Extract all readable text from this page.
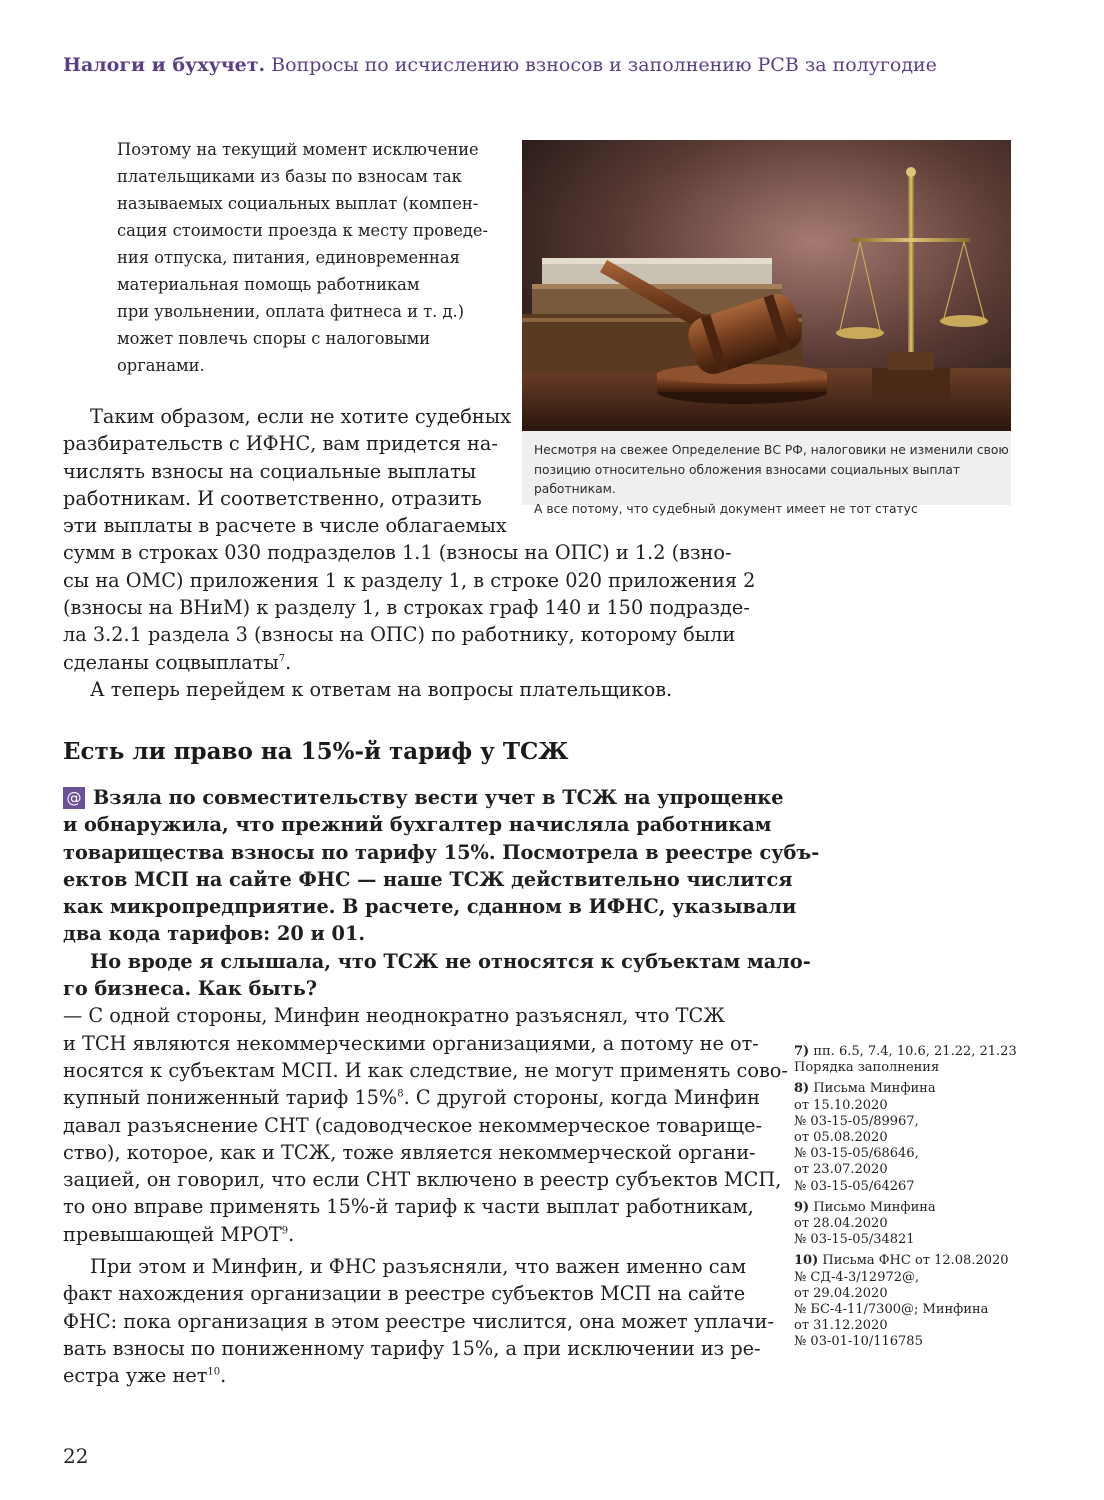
Налоги и бухучет. Вопросы по исчислению взносов и заполнению РСВ за полугодие

Поэтому на текущий момент исключение

плательщиками из базы по взносам так

называемых социальных выплат (компен-

сация стоимости проезда к месту проведе-

ния отпуска, питания, единовременная

материальная помощь работникам

при увольнении, оплата фитнеса и т. д.)

может повлечь споры с налоговыми

органами.

Несмотря на свежее Определение ВС РФ, налоговики не изменили свою
позицию относительно обложения взносами социальных выплат работникам.
А все потому, что судебный документ имеет не тот статус
Таким образом, если не хотите судебных
разбирательств с ИФНС, вам придется на-
числять взносы на социальные выплаты
работникам. И соответственно, отразить
эти выплаты в расчете в числе облагаемых
сумм в строках 030 подразделов 1.1 (взносы на ОПС) и 1.2 (взно-
сы на ОМС) приложения 1 к разделу 1, в строке 020 приложения 2
(взносы на ВНиМ) к разделу 1, в строках граф 140 и 150 подразде-
ла 3.2.1 раздела 3 (взносы на ОПС) по работнику, которому были
сделаны соцвыплаты$^7$.
А теперь перейдем к ответам на вопросы плательщиков.
Есть ли право на 15%-й тариф у ТСЖ
@ Взяла по совместительству вести учет в ТСЖ на упрощенке
и обнаружила, что прежний бухгалтер начисляла работникам
товарищества взносы по тарифу 15%. Посмотрела в реестре субъ-
ектов МСП на сайте ФНС — наше ТСЖ действительно числится
как микропредприятие. В расчете, сданном в ИФНС, указывали
два кода тарифов: 20 и 01.
Но вроде я слышала, что ТСЖ не относятся к субъектам мало-
го бизнеса. Как быть?
— С одной стороны, Минфин неоднократно разъяснял, что ТСЖ
и ТСН являются некоммерческими организациями, а потому не от-
носятся к субъектам МСП. И как следствие, не могут применять сово-
купный пониженный тариф 15%$^8$. С другой стороны, когда Минфин
давал разъяснение СНТ (садоводческое некоммерческое товарище-
ство), которое, как и ТСЖ, тоже является некоммерческой органи-
зацией, он говорил, что если СНТ включено в реестр субъектов МСП,
то оно вправе применять 15%-й тариф к части выплат работникам,
превышающей МРОТ$^9$.
При этом и Минфин, и ФНС разъясняли, что важен именно сам
факт нахождения организации в реестре субъектов МСП на сайте
ФНС: пока организация в этом реестре числится, она может уплачи-
вать взносы по пониженному тарифу 15%, а при исключении из ре-
естра уже нет$^{10}$.
7) пп. 6.5, 7.4, 10.6, 21.22, 21.23
Порядка заполнения
8) Письма Минфина
от 15.10.2020
№ 03-15-05/89967,
от 05.08.2020
№ 03-15-05/68646,
от 23.07.2020
№ 03-15-05/64267
9) Письмо Минфина
от 28.04.2020
№ 03-15-05/34821
10) Письма ФНС от 12.08.2020
№ СД-4-3/12972@,
от 29.04.2020
№ БС-4-11/7300@; Минфина
от 31.12.2020
№ 03-01-10/116785
22
